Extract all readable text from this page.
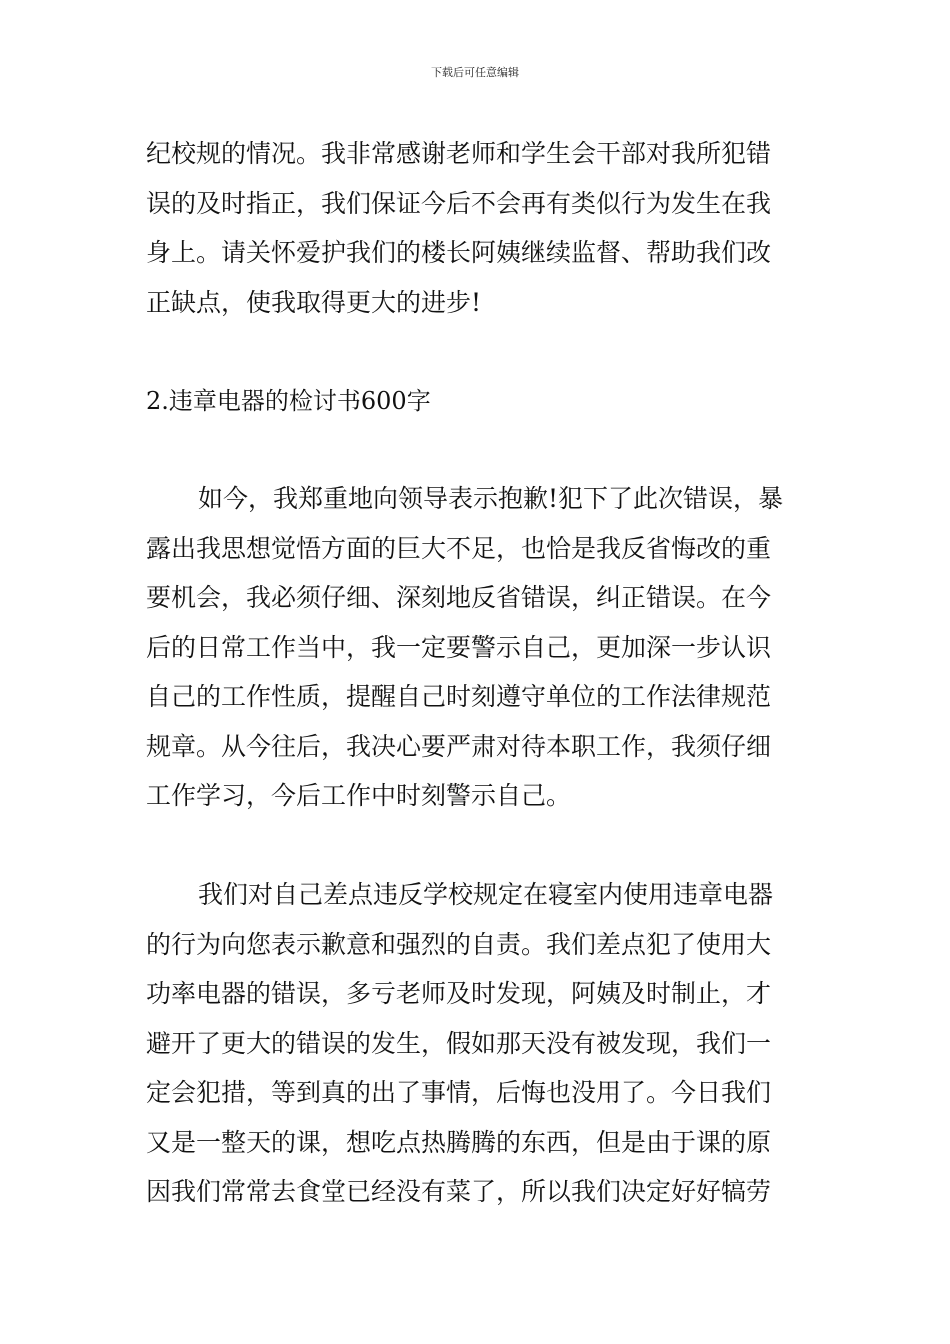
下载后可任意编辑
纪校规的情况。我非常感谢老师和学生会干部对我所犯错
误的及时指正，我们保证今后不会再有类似行为发生在我
身上。请关怀爱护我们的楼长阿姨继续监督、帮助我们改
正缺点，使我取得更大的进步!
2.违章电器的检讨书600字
如今，我郑重地向领导表示抱歉!犯下了此次错误，暴
露出我思想觉悟方面的巨大不足，也恰是我反省悔改的重
要机会，我必须仔细、深刻地反省错误，纠正错误。在今
后的日常工作当中，我一定要警示自己，更加深一步认识
自己的工作性质，提醒自己时刻遵守单位的工作法律规范
规章。从今往后，我决心要严肃对待本职工作，我须仔细
工作学习，今后工作中时刻警示自己。
我们对自己差点违反学校规定在寝室内使用违章电器
的行为向您表示歉意和强烈的自责。我们差点犯了使用大
功率电器的错误，多亏老师及时发现，阿姨及时制止，才
避开了更大的错误的发生，假如那天没有被发现，我们一
定会犯措，等到真的出了事情，后悔也没用了。今日我们
又是一整天的课，想吃点热腾腾的东西，但是由于课的原
因我们常常去食堂已经没有菜了，所以我们决定好好犒劳
